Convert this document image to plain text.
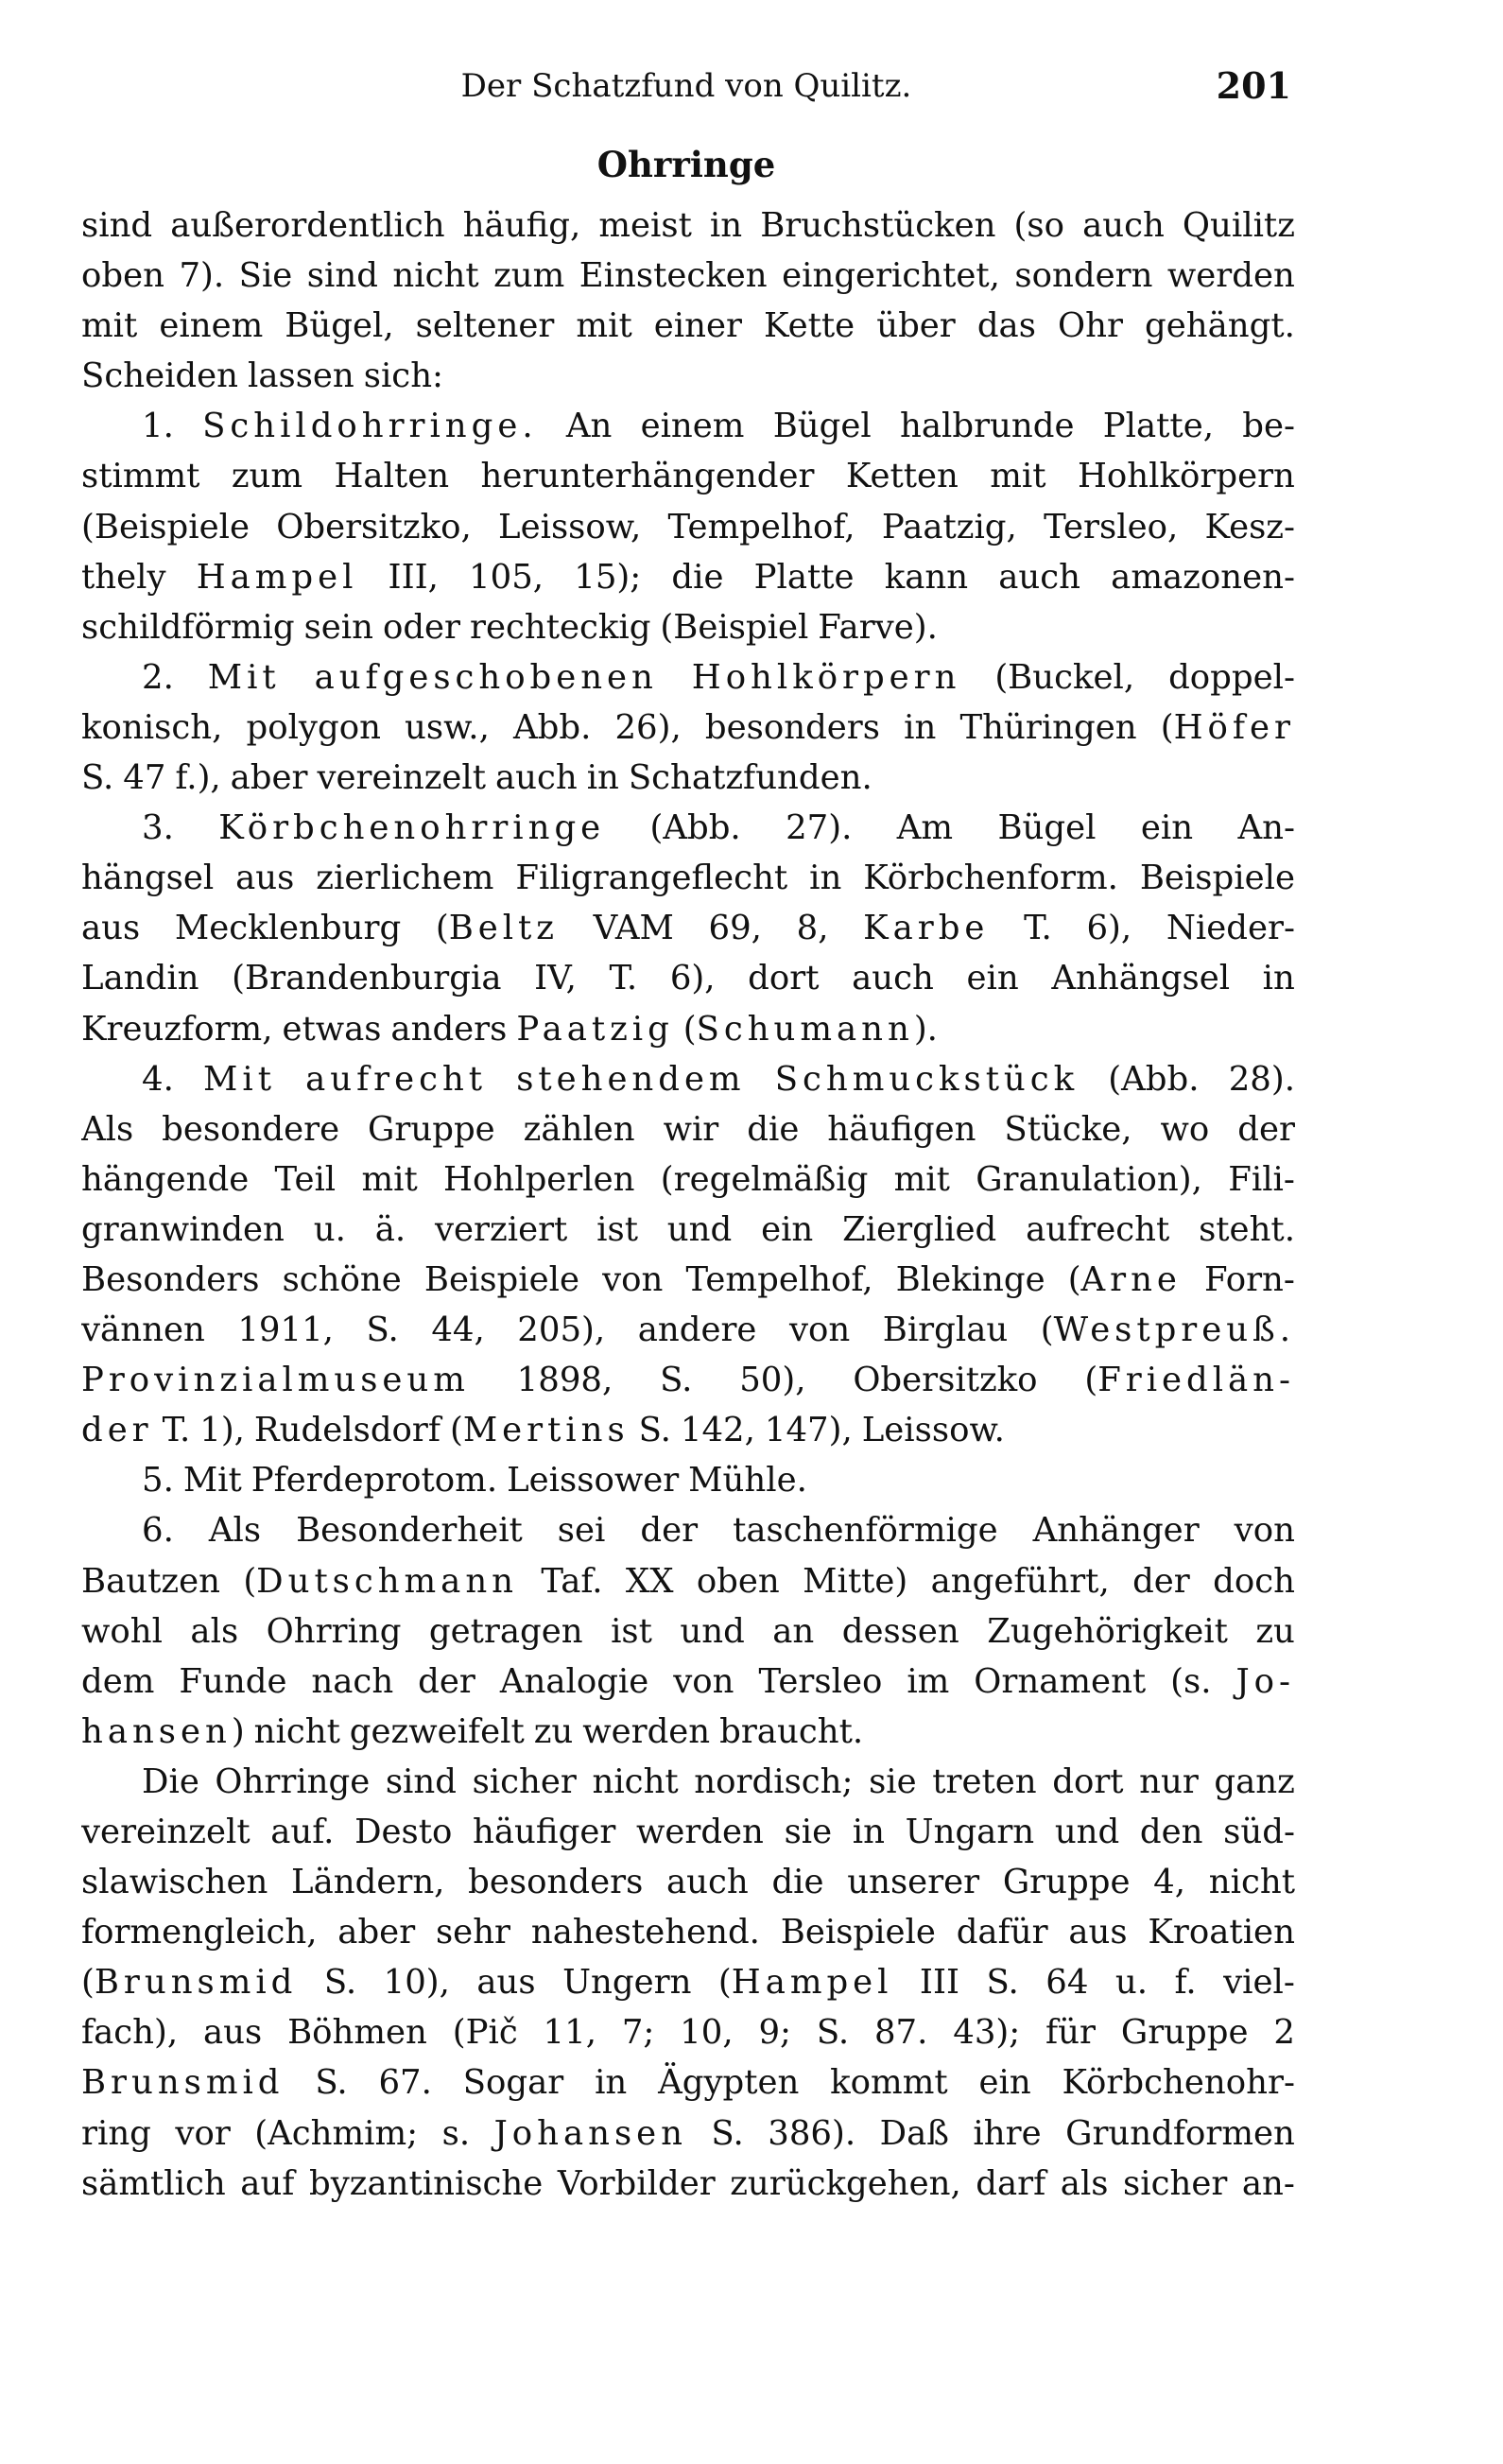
Der Schatzfund von Quilitz.	201
Ohrringe
sind außerordentlich häufig, meist in Bruchstücken (so auch Quilitz
oben 7). Sie sind nicht zum Einstecken eingerichtet, sondern werden
mit einem Bügel, seltener mit einer Kette über das Ohr gehängt.
Scheiden lassen sich:
1. Schildohrringe. An einem Bügel halbrunde Platte, be-
stimmt zum Halten herunterhängender Ketten mit Hohlkörpern
(Beispiele Obersitzko, Leissow, Tempelhof, Paatzig, Tersleo, Kesz-
thely Hampel III, 105, 15); die Platte kann auch amazonen-
schildförmig sein oder rechteckig (Beispiel Farve).
2. Mit aufgeschobenen Hohlkörpern (Buckel, doppel-
konisch, polygon usw., Abb. 26), besonders in Thüringen (Höfer
S. 47 f.), aber vereinzelt auch in Schatzfunden.
3. Körbchenohrringe (Abb. 27). Am Bügel ein An-
hängsel aus zierlichem Filigrangeflecht in Körbchenform. Beispiele
aus Mecklenburg (Beltz VAM 69, 8, Karbe T. 6), Nieder-
Landin (Brandenburgia IV, T. 6), dort auch ein Anhängsel in
Kreuzform, etwas anders Paatzig (Schumann).
4. Mit aufrecht stehendem Schmuckstück (Abb. 28).
Als besondere Gruppe zählen wir die häufigen Stücke, wo der
hängende Teil mit Hohlperlen (regelmäßig mit Granulation), Fili-
granwinden u. ä. verziert ist und ein Zierglied aufrecht steht.
Besonders schöne Beispiele von Tempelhof, Blekinge (Arne Forn-
vännen 1911, S. 44, 205), andere von Birglau (Westpreuß.
Provinzialmuseum 1898, S. 50), Obersitzko (Friedlän-
der T. 1), Rudelsdorf (Mertins S. 142, 147), Leissow.
5. Mit Pferdeprotom. Leissower Mühle.
6. Als Besonderheit sei der taschenförmige Anhänger von
Bautzen (Dutschmann Taf. XX oben Mitte) angeführt, der doch
wohl als Ohrring getragen ist und an dessen Zugehörigkeit zu
dem Funde nach der Analogie von Tersleo im Ornament (s. Jo-
hansen) nicht gezweifelt zu werden braucht.
Die Ohrringe sind sicher nicht nordisch; sie treten dort nur ganz
vereinzelt auf. Desto häufiger werden sie in Ungarn und den süd-
slawischen Ländern, besonders auch die unserer Gruppe 4, nicht
formengleich, aber sehr nahestehend. Beispiele dafür aus Kroatien
(Brunsmid S. 10), aus Ungern (Hampel III S. 64 u. f. viel-
fach), aus Böhmen (Pič 11, 7; 10, 9; S. 87. 43); für Gruppe 2
Brunsmid S. 67. Sogar in Ägypten kommt ein Körbchenohr-
ring vor (Achmim; s. Johansen S. 386). Daß ihre Grundformen
sämtlich auf byzantinische Vorbilder zurückgehen, darf als sicher an-
